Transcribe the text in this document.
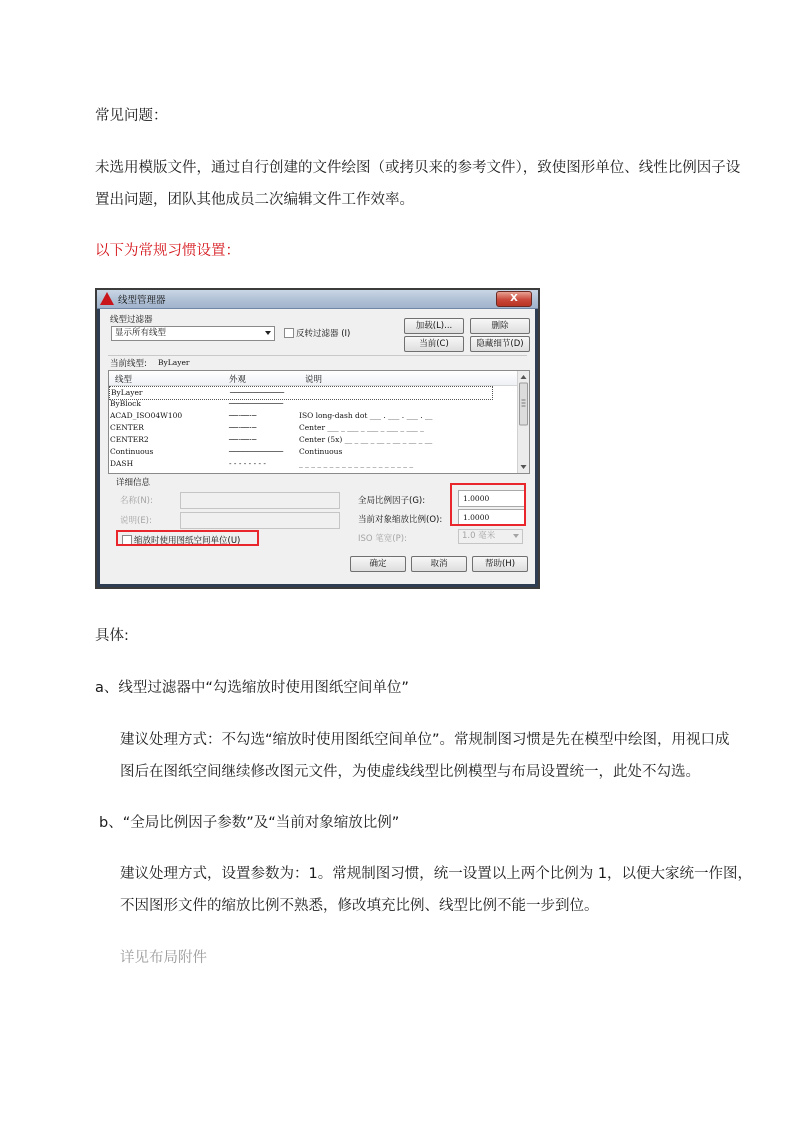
常见问题：

未选用模版文件，通过自行创建的文件绘图（或拷贝来的参考文件），致使图形单位、线性比例因子设

置出问题，团队其他成员二次编辑文件工作效率。

以下为常规习惯设置：

线型管理器	X
线型过滤器
显示所有线型	反转过滤器 (I)
加载(L)...	删除
当前(C)	隐藏细节(D)
当前线型: ByLayer
线型	外观	说明
ByLayer	────────────
ByBlock	────────────
ACAD_ISO04W100	──·──·─	ISO long-dash dot ___ . ___ . ___ . __
CENTER	──·──·─	Center ___ _ ___ _ ___ _ ___ _ ___ _
CENTER2	──·──·─	Center (5x) __ _ __ _ __ _ __ _ __ _ __
Continuous	──────────── Continuous
DASH	- - - - - - - -	_ _ _ _ _ _ _ _ _ _ _ _ _ _ _ _ _ _ _
详细信息
名称(N):
说明(E):
缩放时使用图纸空间单位(U)
全局比例因子(G):	1.0000
当前对象缩放比例(O):	1.0000
ISO 笔宽(P):	1.0 毫米
确定	取消	帮助(H)

具体:

a、线型过滤器中“勾选缩放时使用图纸空间单位”

建议处理方式：不勾选“缩放时使用图纸空间单位”。常规制图习惯是先在模型中绘图，用视口成

图后在图纸空间继续修改图元文件，为使虚线线型比例模型与布局设置统一，此处不勾选。

b、“全局比例因子参数”及“当前对象缩放比例”

建议处理方式，设置参数为：1。常规制图习惯，统一设置以上两个比例为 1，以便大家统一作图，

不因图形文件的缩放比例不熟悉，修改填充比例、线型比例不能一步到位。

详见布局附件
